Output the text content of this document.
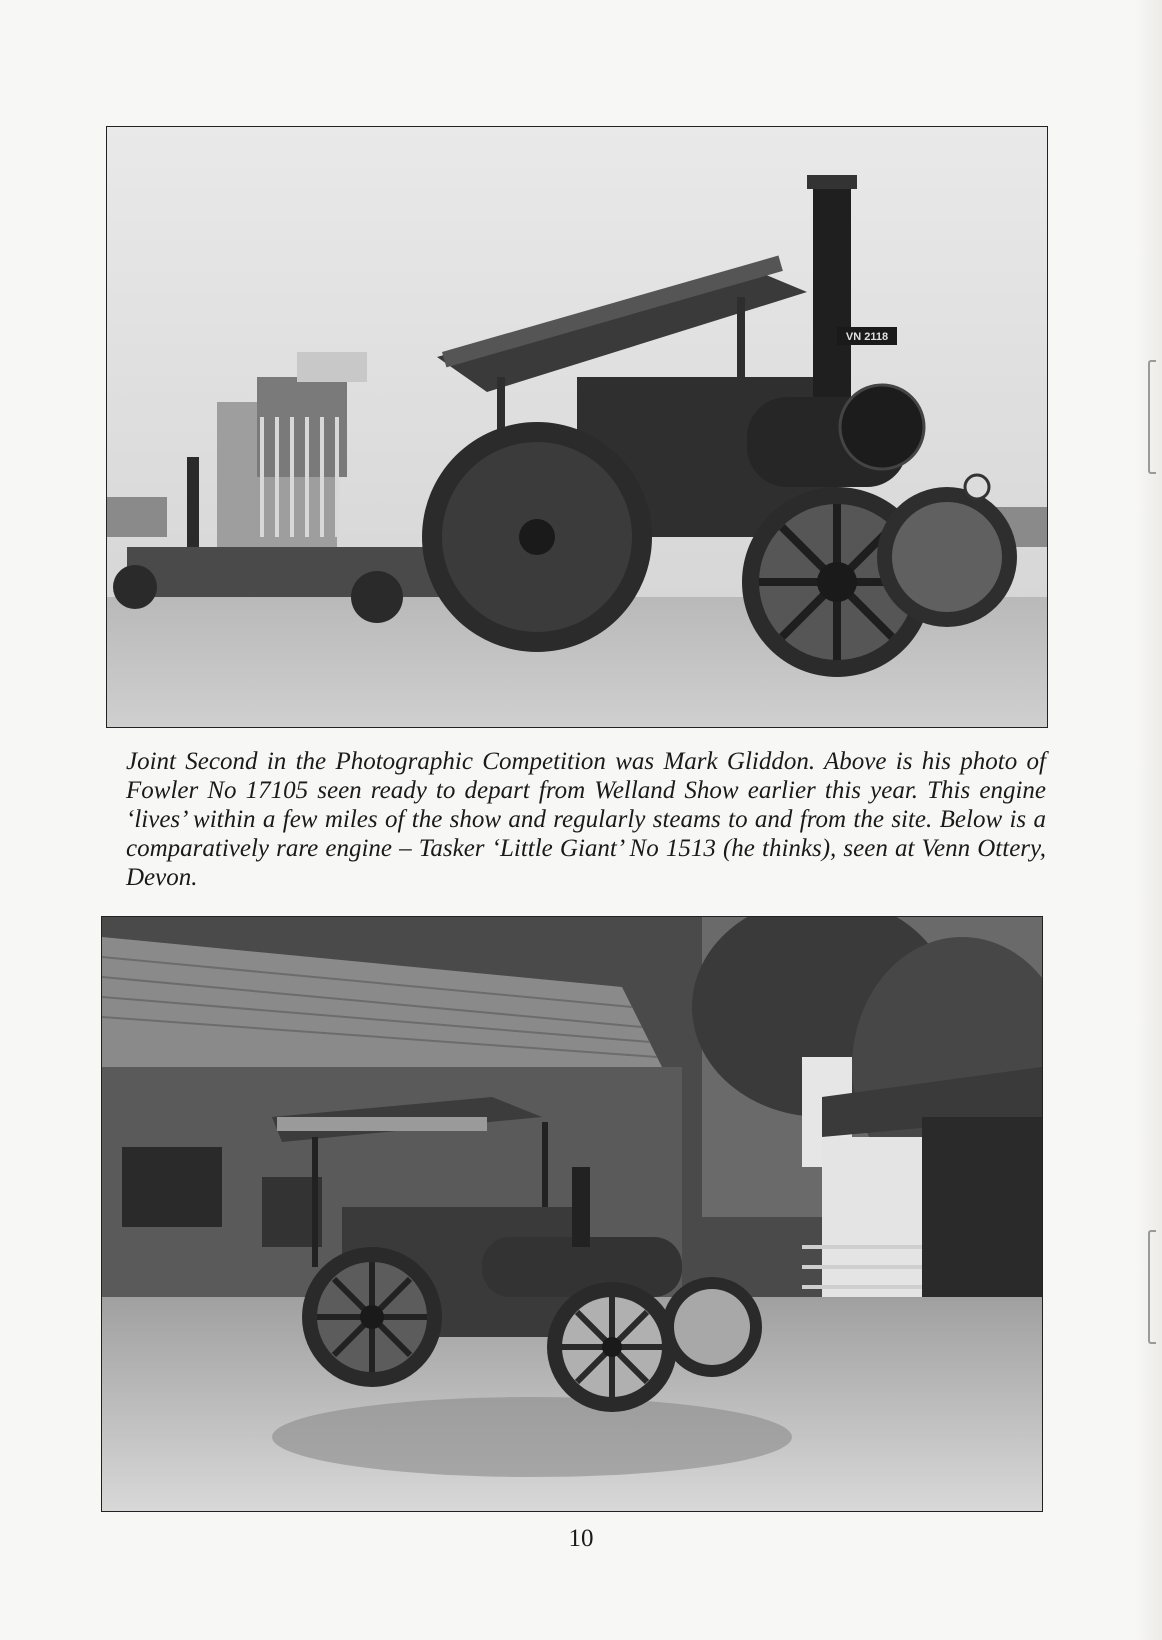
VN 2118

Joint Second in the Photographic Competition was Mark Gliddon. Above is his photo of Fowler No 17105 seen ready to depart from Welland Show earlier this year. This engine ‘lives’ within a few miles of the show and regularly steams to and from the site. Below is a comparatively rare engine – Tasker ‘Little Giant’ No 1513 (he thinks), seen at Venn Ottery, Devon.

10
